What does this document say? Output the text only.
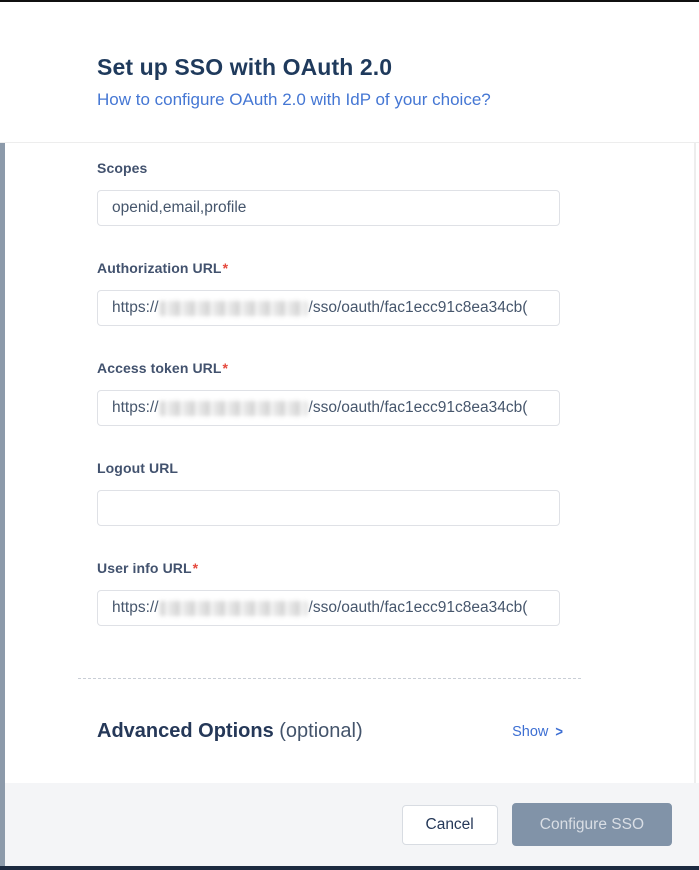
Set up SSO with OAuth 2.0
How to configure OAuth 2.0 with IdP of your choice?
Scopes
openid,email,profile
Authorization URL*
https://	/sso/oauth/fac1ecc91c8ea34cb(
Access token URL*
https://	/sso/oauth/fac1ecc91c8ea34cb(
Logout URL
User info URL*
https://	/sso/oauth/fac1ecc91c8ea34cb(
Advanced Options (optional)	Show >
Cancel	Configure SSO
